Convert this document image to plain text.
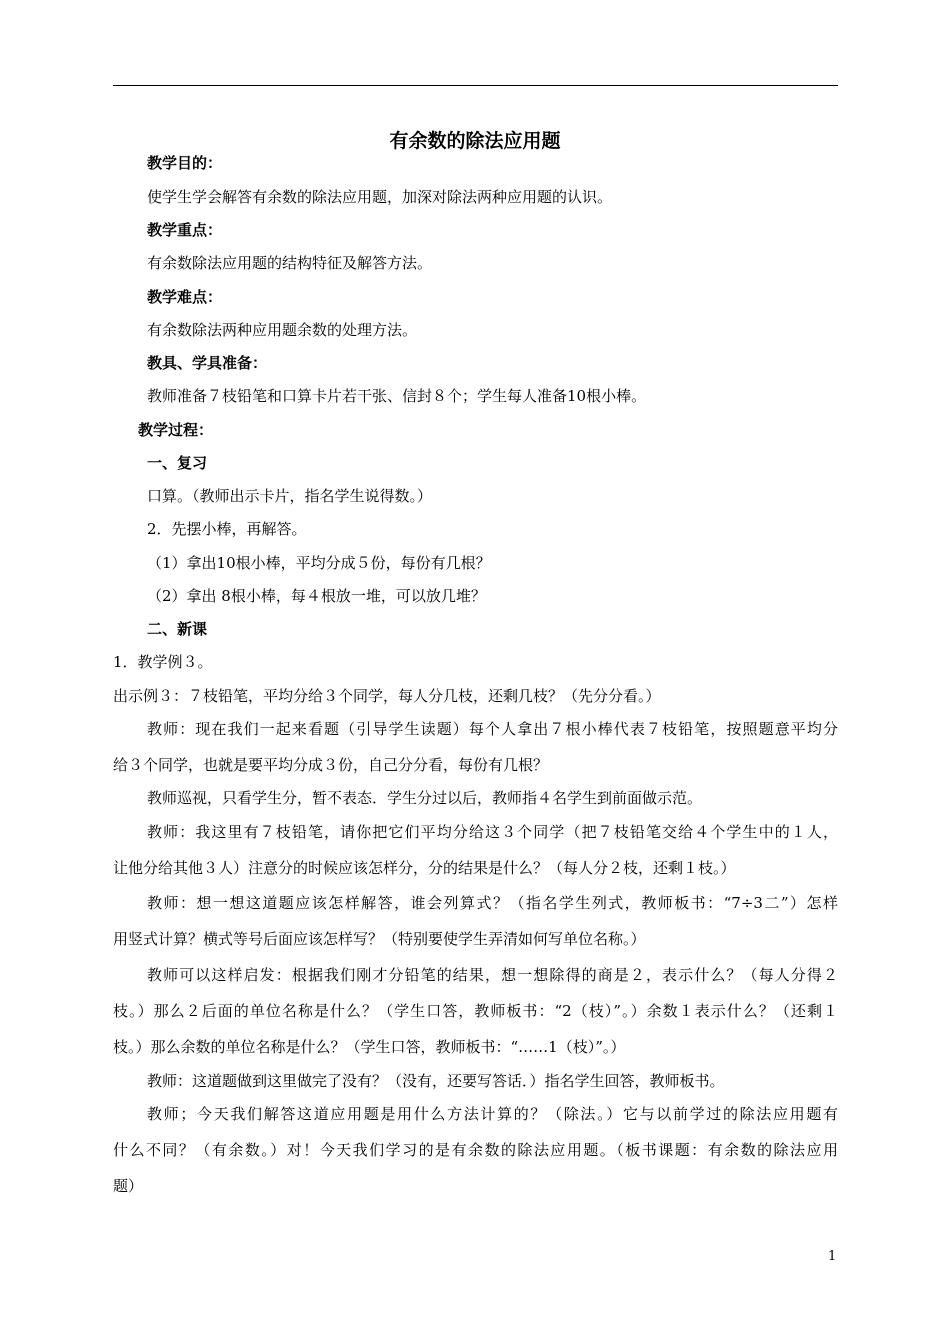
有余数的除法应用题
教学目的：
使学生学会解答有余数的除法应用题，加深对除法两种应用题的认识。
教学重点：
有余数除法应用题的结构特征及解答方法。
教学难点：
有余数除法两种应用题余数的处理方法。
教具、学具准备：
教师准备７枝铅笔和口算卡片若干张、信封８个；学生每人准备10根小棒。
教学过程：
一、复习
口算。（教师出示卡片，指名学生说得数。）
2．先摆小棒，再解答。
（1）拿出10根小棒，平均分成５份，每份有几根？
（2）拿出 8根小棒，每４根放一堆，可以放几堆？
二、新课
1．教学例３。
出示例３：７枝铅笔，平均分给３个同学，每人分几枝，还剩几枝？（先分分看。）
教师：现在我们一起来看题（引导学生读题）每个人拿出７根小棒代表７枝铅笔，按照题意平均分
给３个同学，也就是要平均分成３份，自己分分看，每份有几根？
教师巡视，只看学生分，暂不表态．学生分过以后，教师指４名学生到前面做示范。
教师：我这里有７枝铅笔，请你把它们平均分给这３个同学（把７枝铅笔交给４个学生中的１人，
让他分给其他３人）注意分的时候应该怎样分，分的结果是什么？（每人分２枝，还剩１枝。）
教师：想一想这道题应该怎样解答，谁会列算式？（指名学生列式，教师板书：“7÷3二”）怎样
用竖式计算？横式等号后面应该怎样写？（特别要使学生弄清如何写单位名称。）
教师可以这样启发：根据我们刚才分铅笔的结果，想一想除得的商是２，表示什么？（每人分得２
枝。）那么２后面的单位名称是什么？（学生口答，教师板书：“2（枝）”。）余数１表示什么？（还剩１
枝。）那么余数的单位名称是什么？（学生口答，教师板书：“……1（枝）”。）
教师：这道题做到这里做完了没有？（没有，还要写答话．）指名学生回答，教师板书。
教师；今天我们解答这道应用题是用什么方法计算的？（除法。）它与以前学过的除法应用题有
什么不同？（有余数。）对！今天我们学习的是有余数的除法应用题。（板书课题：有余数的除法应用
题）
1
